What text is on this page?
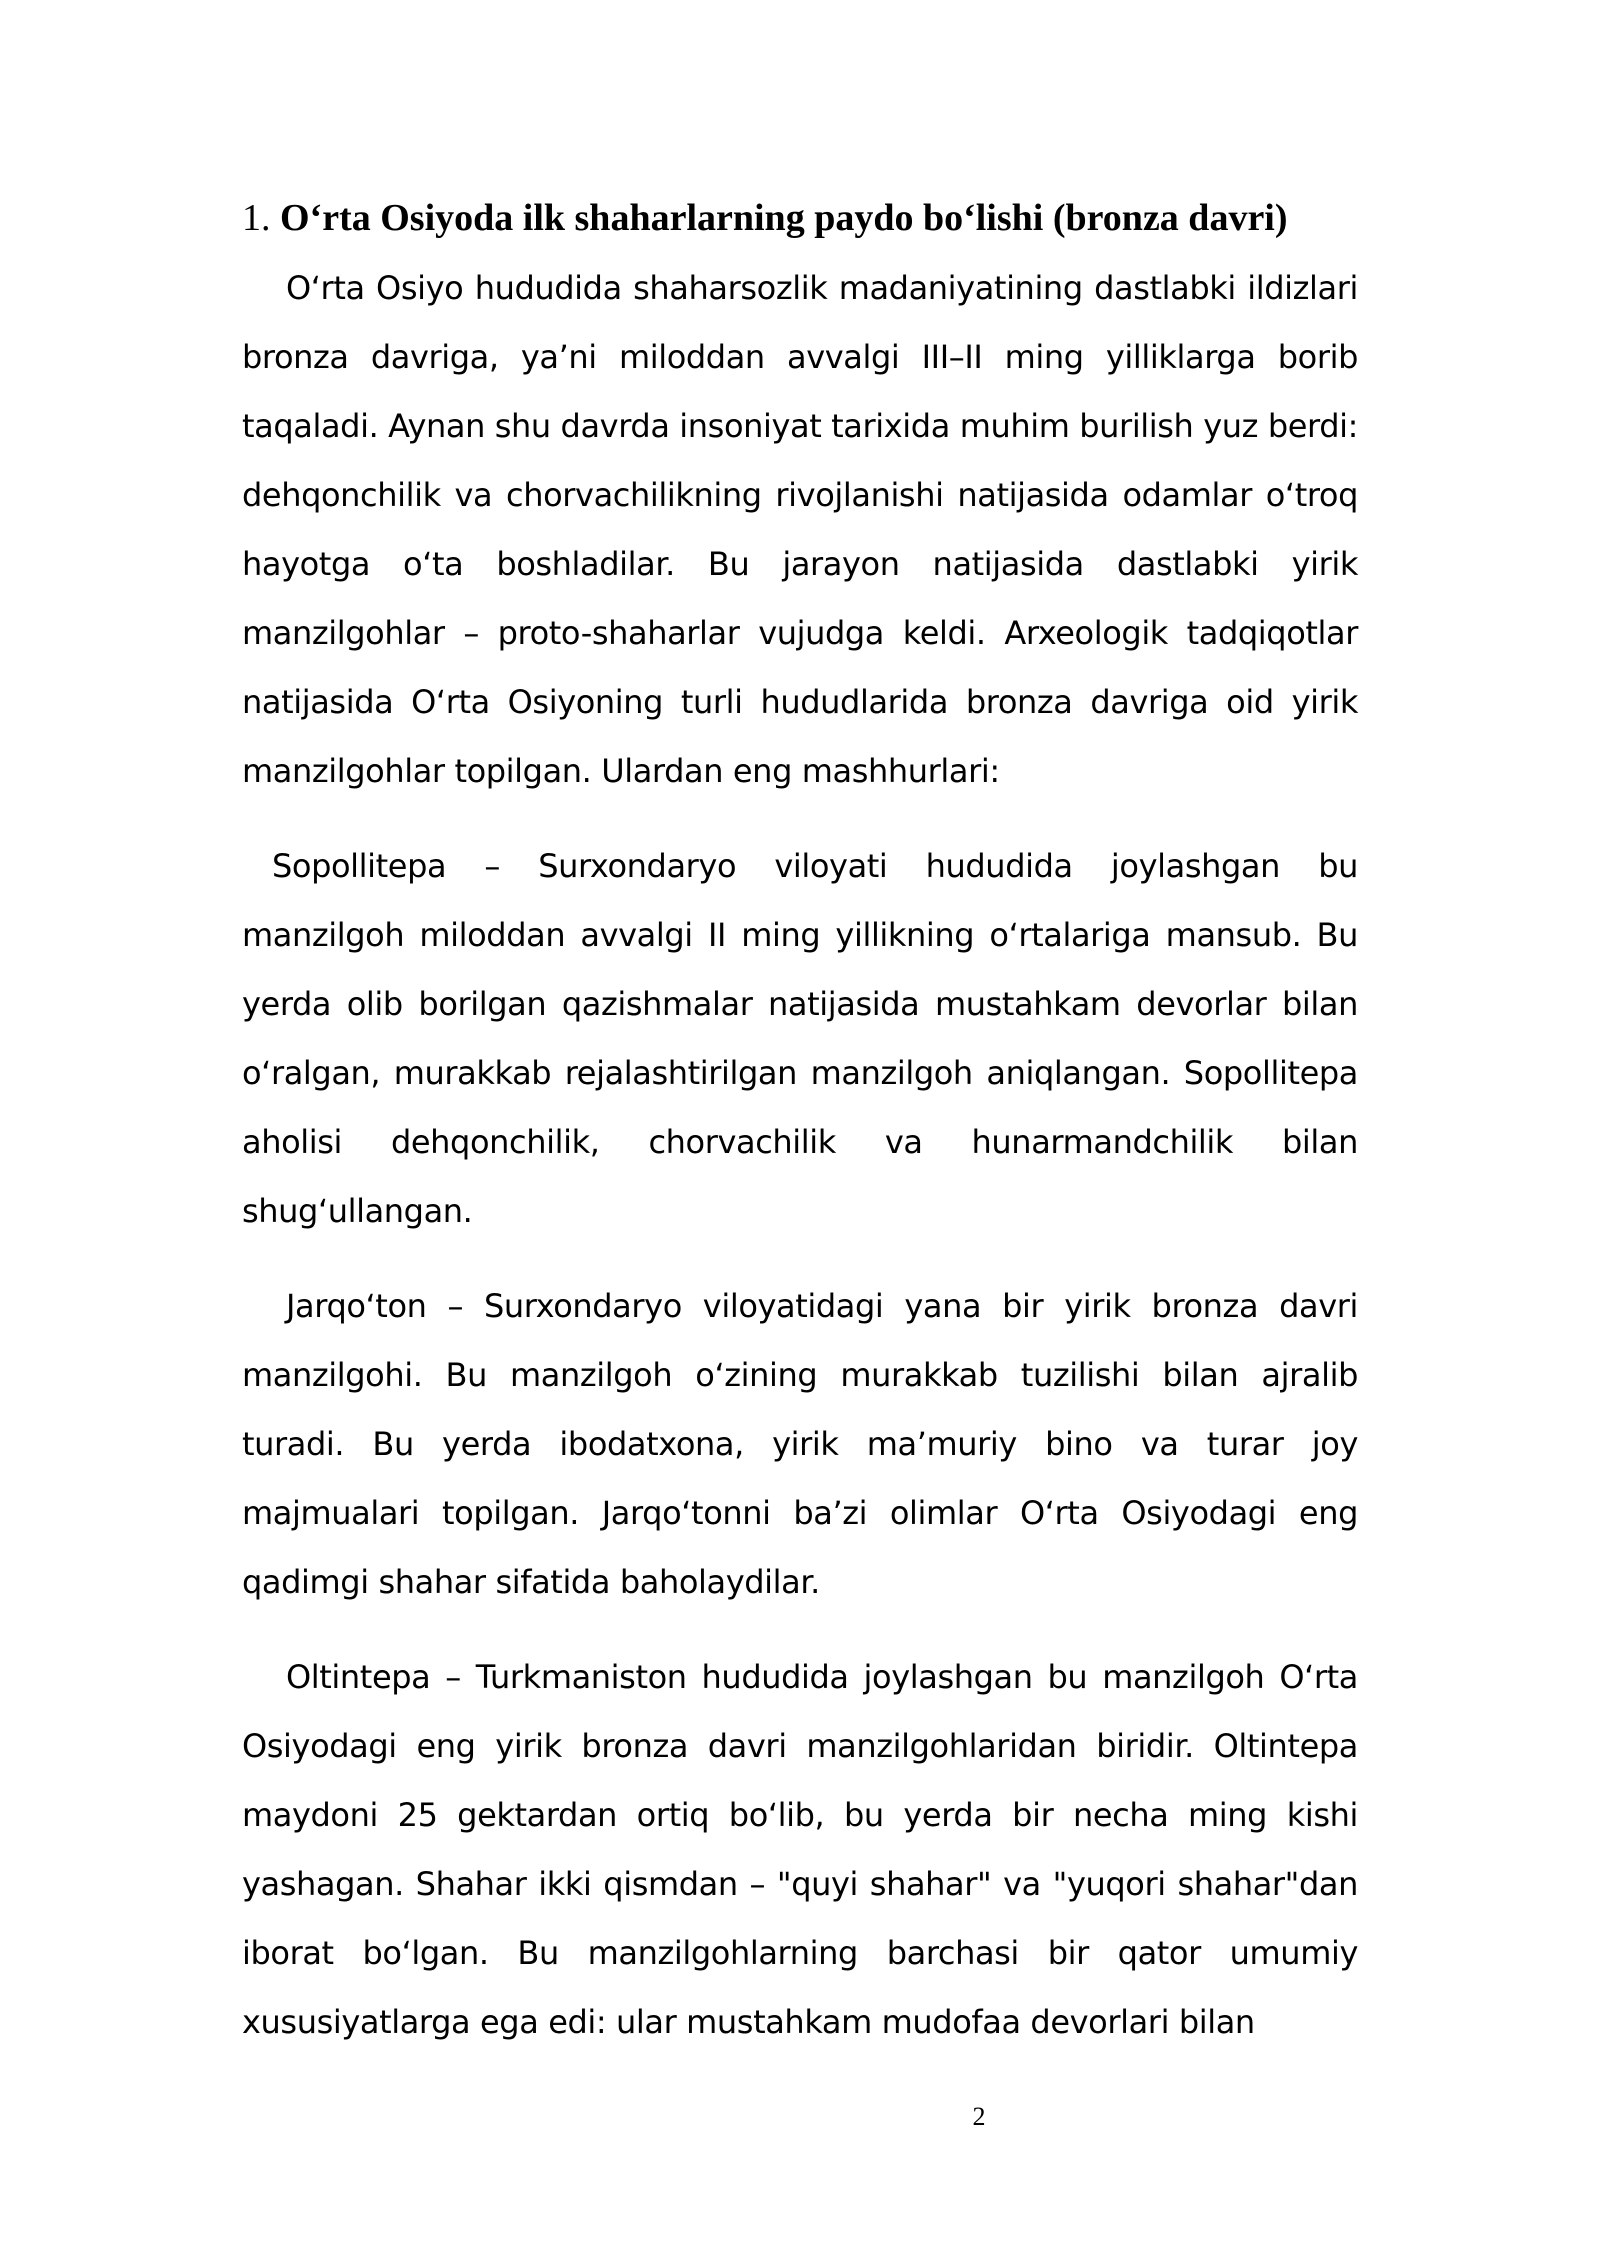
1. O‘rta Osiyoda ilk shaharlarning paydo bo‘lishi (bronza davri)

O‘rta Osiyo hududida shaharsozlik madaniyatining dastlabki ildizlari bronza davriga, ya’ni miloddan avvalgi III–II ming yilliklarga borib taqaladi. Aynan shu davrda insoniyat tarixida muhim burilish yuz berdi: dehqonchilik va chorvachilikning rivojlanishi natijasida odamlar o‘troq hayotga o‘ta boshladilar. Bu jarayon natijasida dastlabki yirik manzilgohlar – proto-shaharlar vujudga keldi. Arxeologik tadqiqotlar natijasida O‘rta Osiyoning turli hududlarida bronza davriga oid yirik manzilgohlar topilgan. Ulardan eng mashhurlari:

Sopollitepa – Surxondaryo viloyati hududida joylashgan bu manzilgoh miloddan avvalgi II ming yillikning o‘rtalariga mansub. Bu yerda olib borilgan qazishmalar natijasida mustahkam devorlar bilan o‘ralgan, murakkab rejalashtirilgan manzilgoh aniqlangan. Sopollitepa aholisi dehqonchilik, chorvachilik va hunarmandchilik bilan shug‘ullangan.

Jarqo‘ton – Surxondaryo viloyatidagi yana bir yirik bronza davri manzilgohi. Bu manzilgoh o‘zining murakkab tuzilishi bilan ajralib turadi. Bu yerda ibodatxona, yirik ma’muriy bino va turar joy majmualari topilgan. Jarqo‘tonni ba’zi olimlar O‘rta Osiyodagi eng qadimgi shahar sifatida baholaydilar.

Oltintepa – Turkmaniston hududida joylashgan bu manzilgoh O‘rta Osiyodagi eng yirik bronza davri manzilgohlaridan biridir. Oltintepa maydoni 25 gektardan ortiq bo‘lib, bu yerda bir necha ming kishi yashagan. Shahar ikki qismdan – "quyi shahar" va "yuqori shahar"dan iborat bo‘lgan. Bu manzilgohlarning barchasi bir qator umumiy xususiyatlarga ega edi: ular mustahkam mudofaa devorlari bilan

2
